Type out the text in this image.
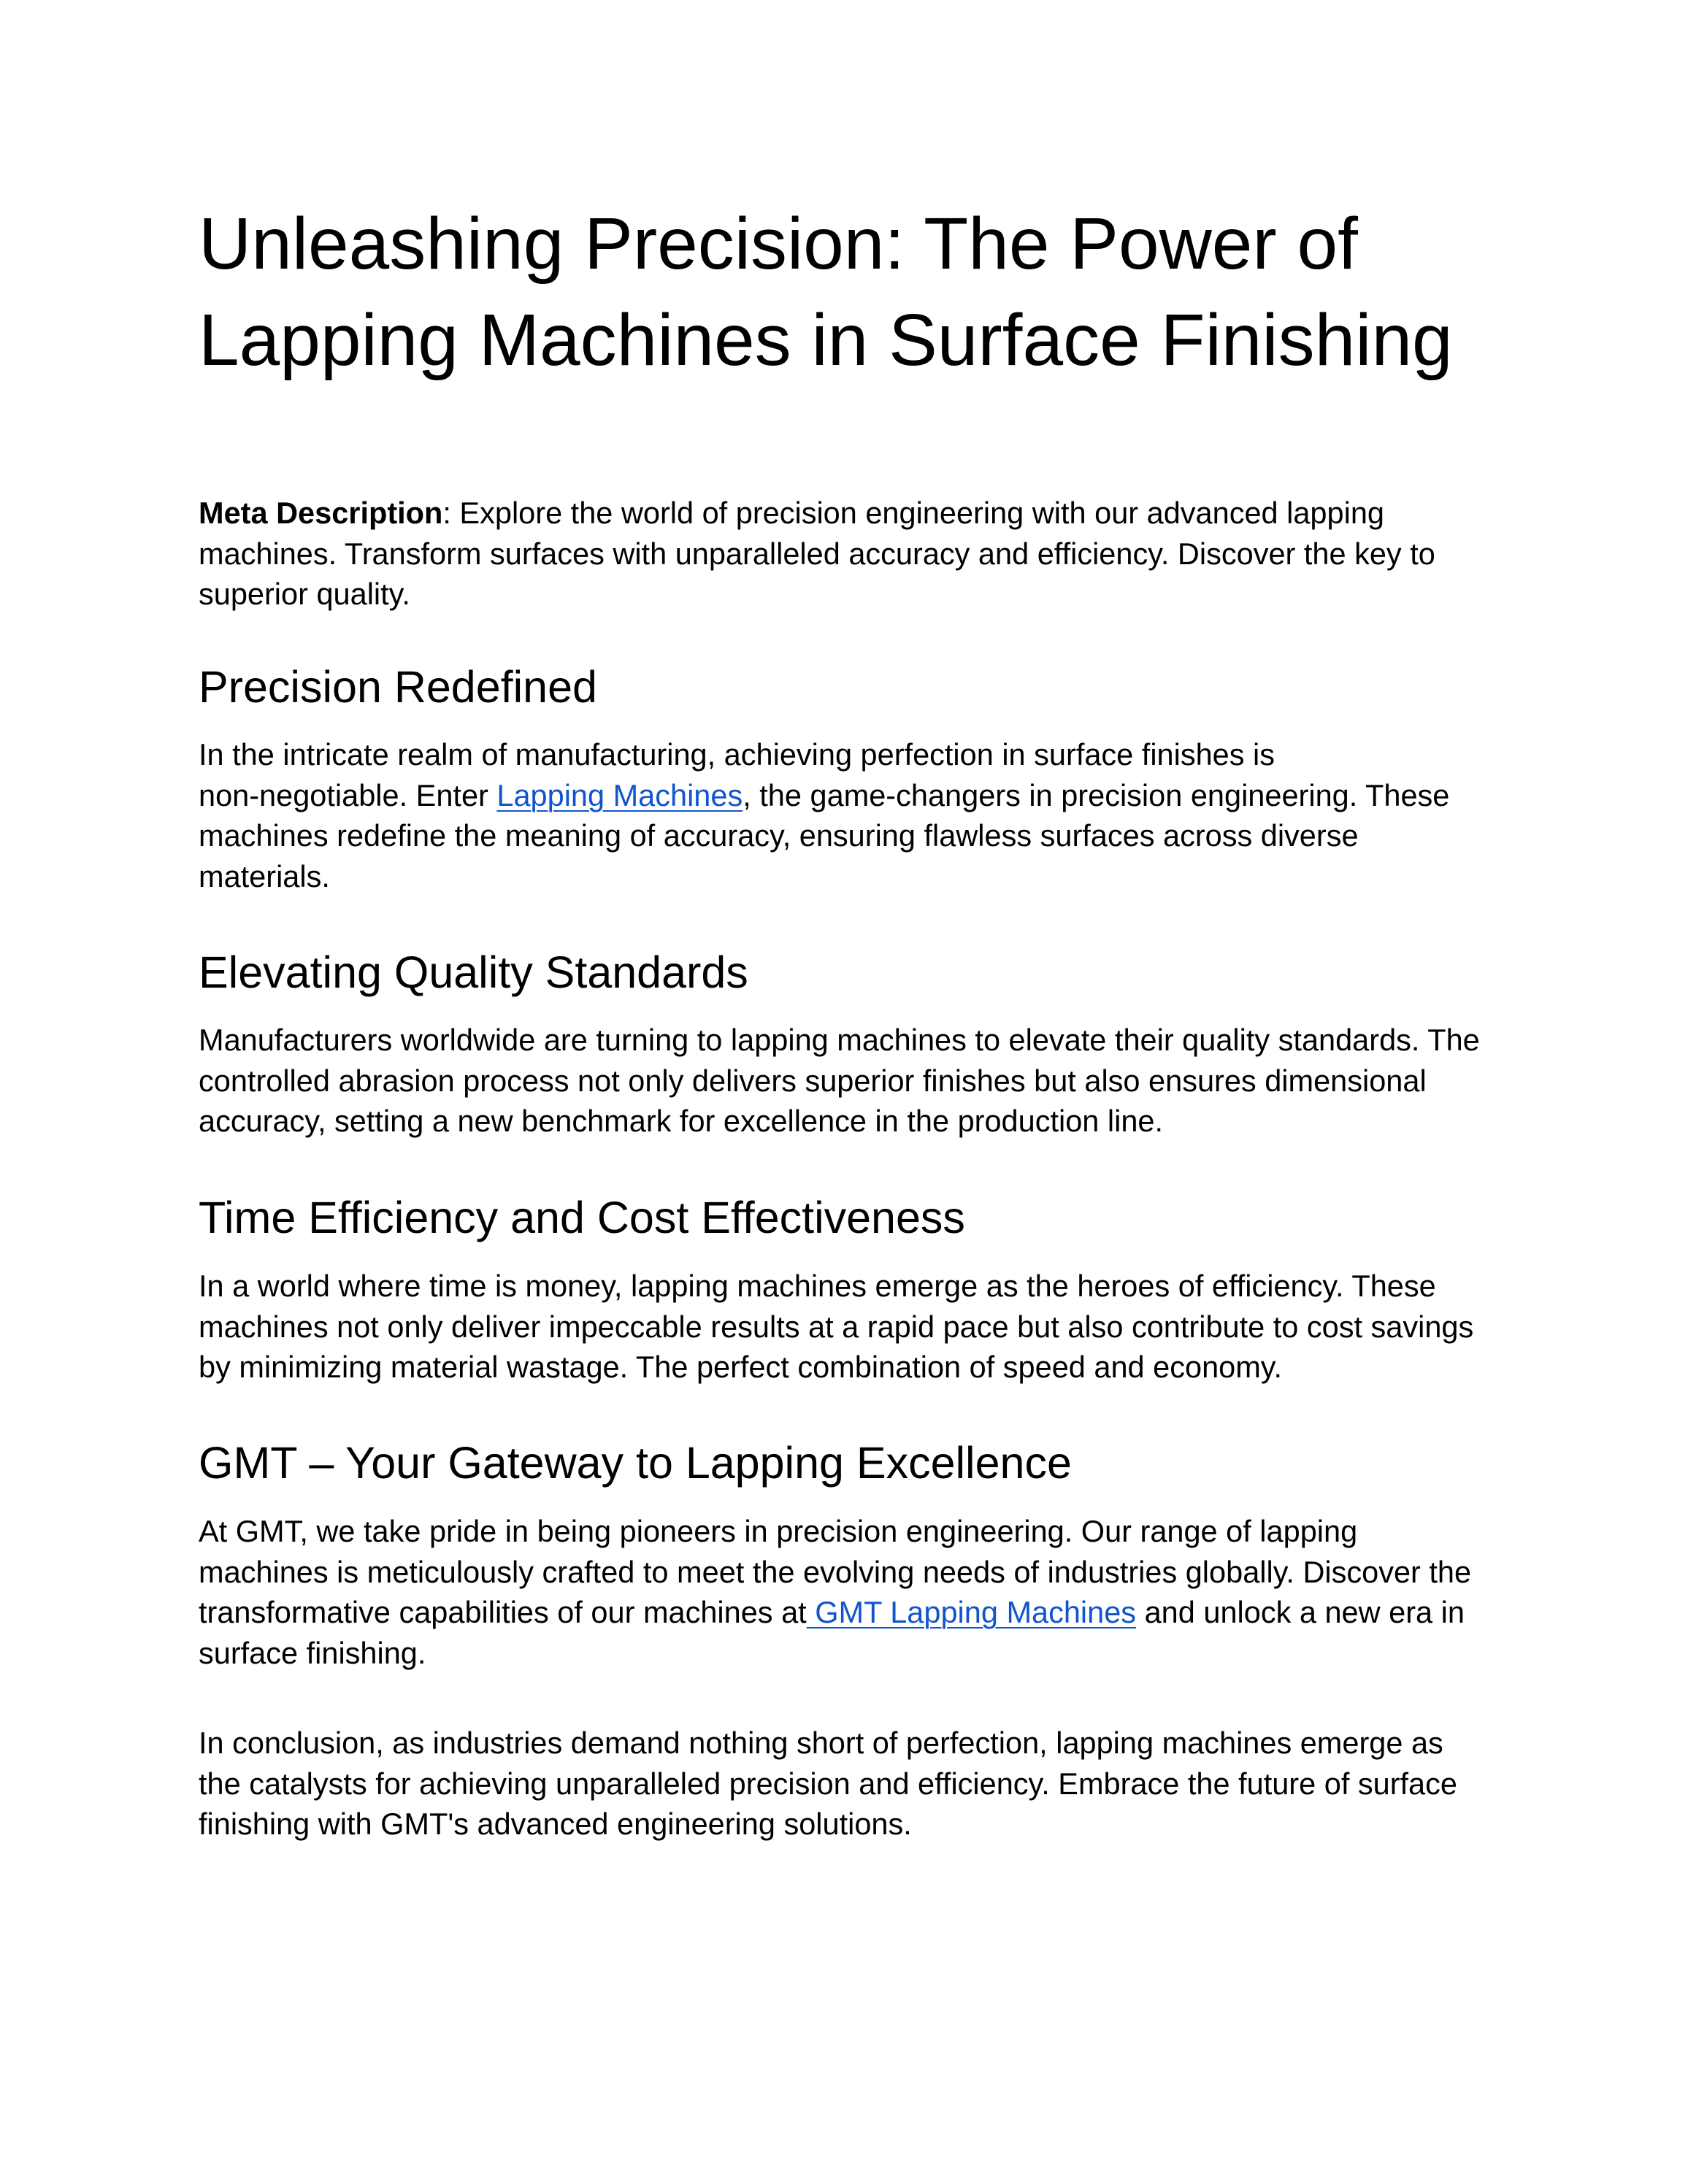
Unleashing Precision: The Power of
Lapping Machines in Surface Finishing

Meta Description: Explore the world of precision engineering with our advanced lapping
machines. Transform surfaces with unparalleled accuracy and efficiency. Discover the key to
superior quality.

Precision Redefined

In the intricate realm of manufacturing, achieving perfection in surface finishes is
non-negotiable. Enter Lapping Machines, the game-changers in precision engineering. These
machines redefine the meaning of accuracy, ensuring flawless surfaces across diverse
materials.

Elevating Quality Standards

Manufacturers worldwide are turning to lapping machines to elevate their quality standards. The
controlled abrasion process not only delivers superior finishes but also ensures dimensional
accuracy, setting a new benchmark for excellence in the production line.

Time Efficiency and Cost Effectiveness

In a world where time is money, lapping machines emerge as the heroes of efficiency. These
machines not only deliver impeccable results at a rapid pace but also contribute to cost savings
by minimizing material wastage. The perfect combination of speed and economy.

GMT – Your Gateway to Lapping Excellence

At GMT, we take pride in being pioneers in precision engineering. Our range of lapping
machines is meticulously crafted to meet the evolving needs of industries globally. Discover the
transformative capabilities of our machines at GMT Lapping Machines and unlock a new era in
surface finishing.

In conclusion, as industries demand nothing short of perfection, lapping machines emerge as
the catalysts for achieving unparalleled precision and efficiency. Embrace the future of surface
finishing with GMT's advanced engineering solutions.
